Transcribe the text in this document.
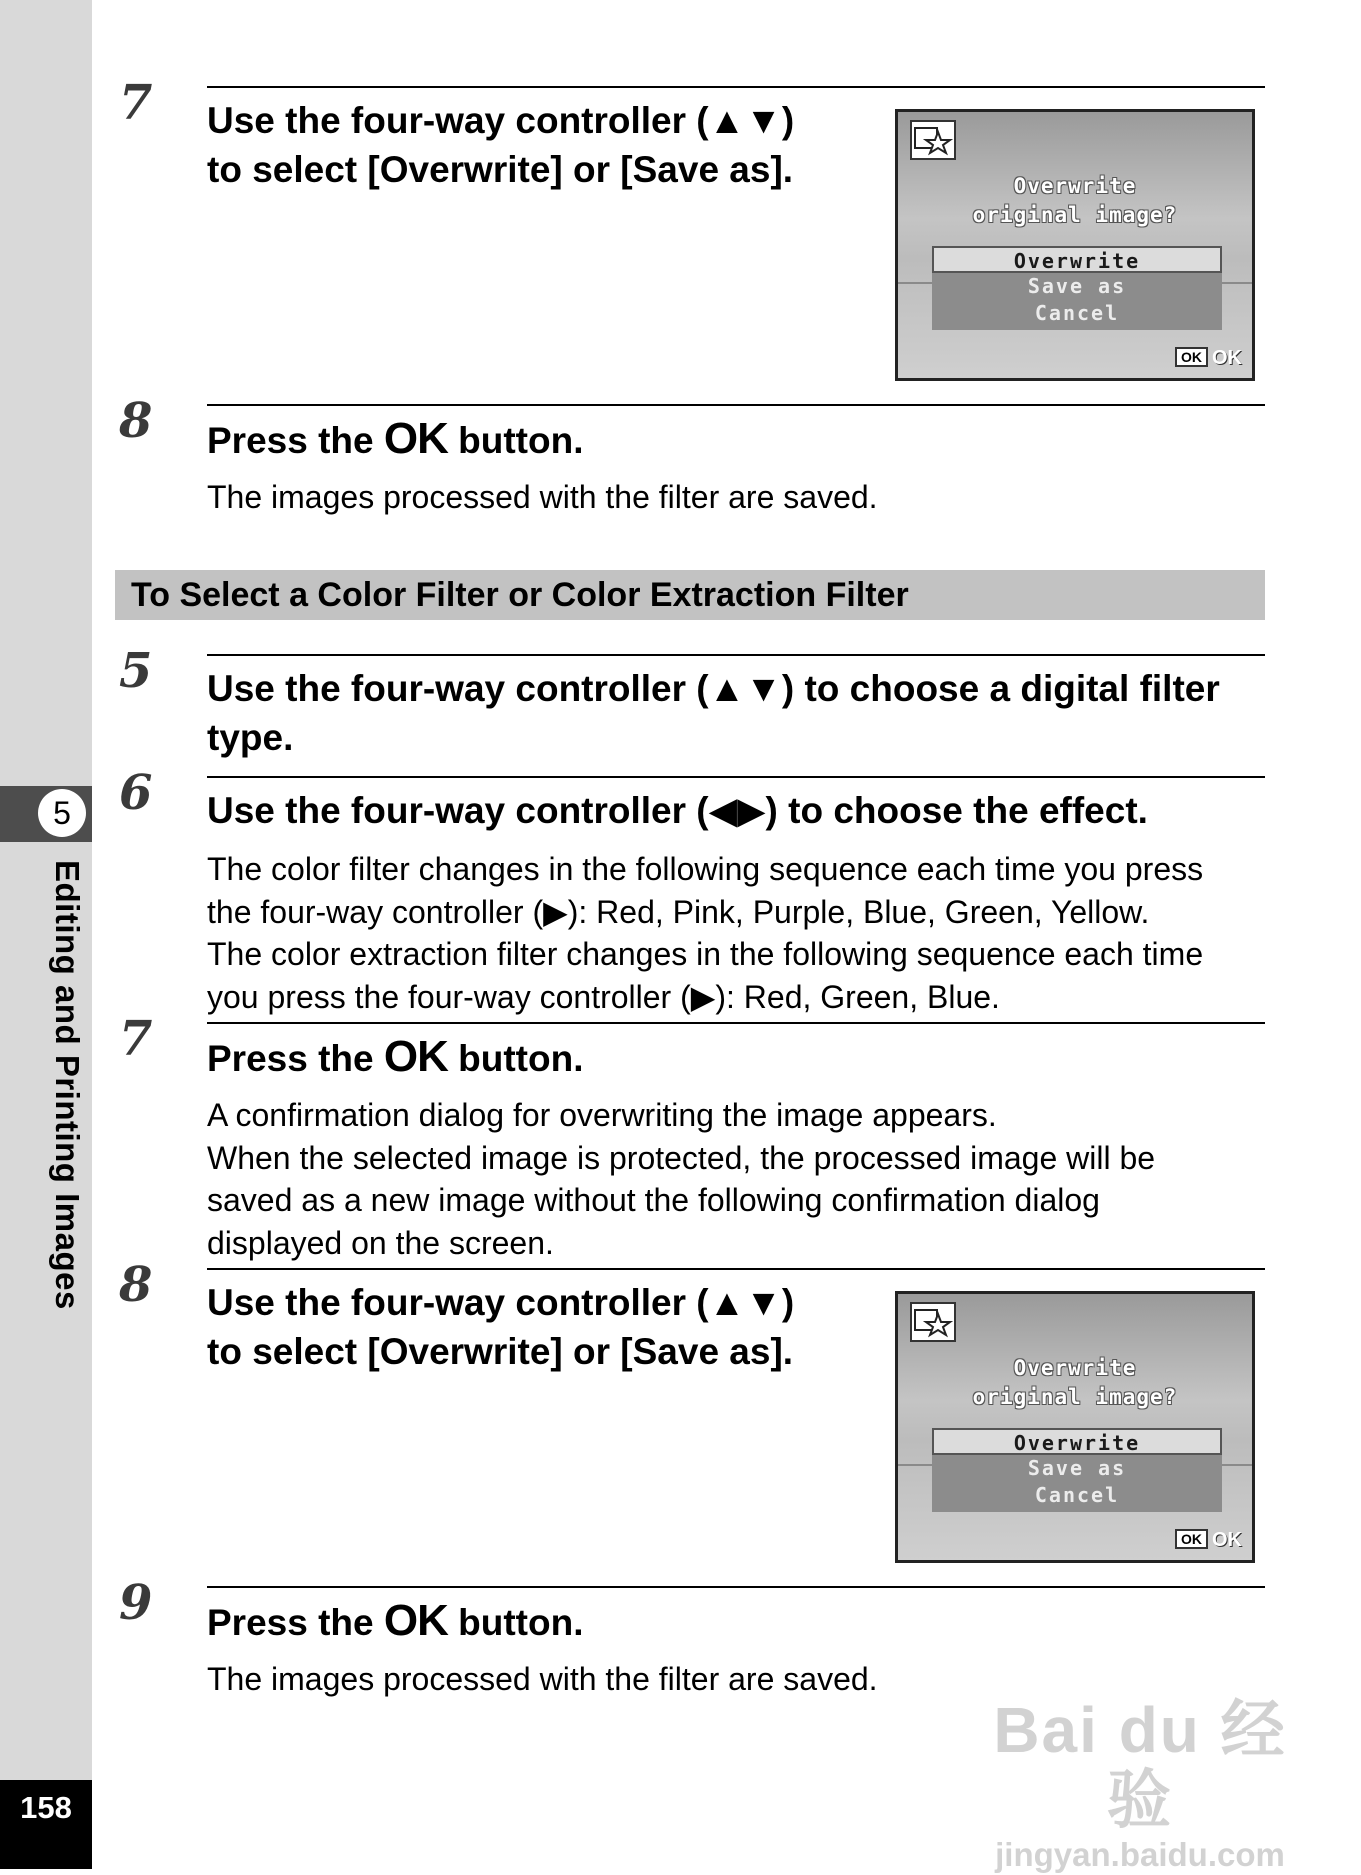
5
Editing and Printing Images
158
7 Use the four-way controller (▲▼)
to select [Overwrite] or [Save as].	Overwrite
original image?
Overwrite
Save as
Cancel
OK OK
8 Press the OK button.
The images processed with the filter are saved.
To Select a Color Filter or Color Extraction Filter
5 Use the four-way controller (▲▼) to choose a digital filter type.
6 Use the four-way controller (◀▶) to choose the effect.
The color filter changes in the following sequence each time you press
the four-way controller (▶): Red, Pink, Purple, Blue, Green, Yellow.
The color extraction filter changes in the following sequence each time
you press the four-way controller (▶): Red, Green, Blue.
7 Press the OK button.
A confirmation dialog for overwriting the image appears.
When the selected image is protected, the processed image will be
saved as a new image without the following confirmation dialog
displayed on the screen.
8 Use the four-way controller (▲▼)
to select [Overwrite] or [Save as].	Overwrite
original image?
Overwrite
Save as
Cancel
OK OK
9 Press the OK button.
The images processed with the filter are saved.
Bai du 经验
jingyan.baidu.com
